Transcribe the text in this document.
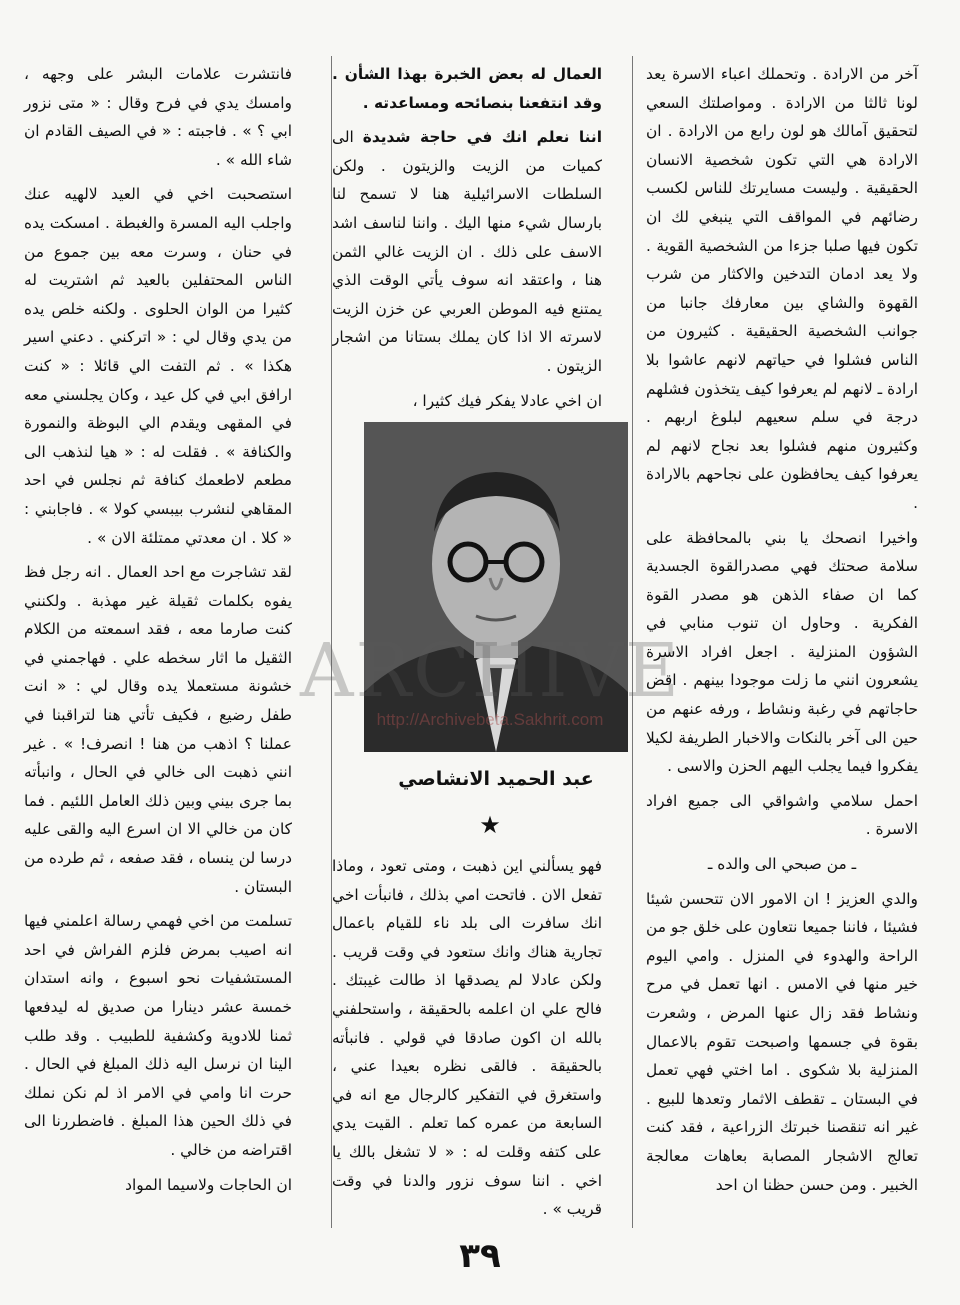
آخر من الارادة . وتحملك اعباء الاسرة يعد لونا ثالثا من الارادة . ومواصلتك السعي لتحقيق آمالك هو لون رابع من الارادة . ان الارادة هي التي تكون شخصية الانسان الحقيقية . وليست مسايرتك للناس لكسب رضائهم في المواقف التي ينبغي لك ان تكون فيها صلبا جزءا من الشخصية القوية . ولا يعد ادمان التدخين والاكثار من شرب القهوة والشاي بين معارفك جانبا من جوانب الشخصية الحقيقية . كثيرون من الناس فشلوا في حياتهم لانهم عاشوا بلا ارادة ـ لانهم لم يعرفوا كيف يتخذون فشلهم درجة في سلم سعيهم لبلوغ اربهم . وكثيرون منهم فشلوا بعد نجاح لانهم لم يعرفوا كيف يحافظون على نجاحهم بالارادة .

واخيرا انصحك يا بني بالمحافظة على سلامة صحتك فهي مصدرالقوة الجسدية كما ان صفاء الذهن هو مصدر القوة الفكرية . وحاول ان تنوب منابي في الشؤون المنزلية . اجعل افراد الاسرة يشعرون انني ما زلت موجودا بينهم . اقض حاجاتهم في رغبة ونشاط ، ورفه عنهم من حين الى آخر بالنكات والاخبار الطريفة لكيلا يفكروا فيما يجلب اليهم الحزن والاسى .

احمل سلامي واشواقي الى جميع افراد الاسرة .

ـ من صبحي الى والده ـ

والدي العزيز ! ان الامور الان تتحسن شيئا فشيئا ، فاننا جميعا نتعاون على خلق جو من الراحة والهدوء في المنزل . وامي اليوم خير منها في الامس . انها تعمل في مرح ونشاط فقد زال عنها المرض ، وشعرت بقوة في جسمها واصبحت تقوم بالاعمال المنزلية بلا شكوى . اما اختي فهي تعمل في البستان ـ تقطف الاثمار وتعدها للبيع . غير انه تنقصنا خبرتك الزراعية ، فقد كنت تعالج الاشجار المصابة بعاهات معالجة الخبير . ومن حسن حظنا ان احد

العمال له بعض الخبرة بهذا الشأن . وقد انتفعنا بنصائحه ومساعدته .

اننا نعلم انك في حاجة شديدة الى كميات من الزيت والزيتون . ولكن السلطات الاسرائيلية هنا لا تسمح لنا بارسال شيء منها اليك . واننا لناسف اشد الاسف على ذلك . ان الزيت غالي الثمن هنا ، واعتقد انه سوف يأتي الوقت الذي يمتنع فيه الموطن العربي عن خزن الزيت لاسرته الا اذا كان يملك بستانا من اشجار الزيتون .

ان اخي عادلا يفكر فيك كثيرا ،

عبد الحميد الانشاصي
★

فهو يسألني اين ذهبت ، ومتى تعود ، وماذا تفعل الان . فاتحت امي بذلك ، فانبأت اخي انك سافرت الى بلد ناء للقيام باعمال تجارية هناك وانك ستعود في وقت قريب . ولكن عادلا لم يصدقها اذ طالت غيبتك . فالح علي ان اعلمه بالحقيقة ، واستحلفني بالله ان اكون صادقا في قولي . فانبأته بالحقيقة . فالقى نظره بعيدا عني ، واستغرق في التفكير كالرجال مع انه في السابعة من عمره كما تعلم . القيت يدي على كتفه وقلت له : « لا تشغل بالك يا اخي . اننا سوف نزور والدنا في وقت قريب » .

فانتشرت علامات البشر على وجهه ، وامسك يدي في فرح وقال : « متى نزور ابي ؟ » . فاجبته : « في الصيف القادم ان شاء الله » .

استصحبت اخي في العيد لالهيه عنك واجلب اليه المسرة والغبطة . امسكت يده في حنان ، وسرت معه بين جموع من الناس المحتفلين بالعيد ثم اشتريت له كثيرا من الوان الحلوى . ولكنه خلص يده من يدي وقال لي : « اتركني . دعني اسير هكذا » . ثم التفت الي قائلا : « كنت ارافق ابي في كل عيد ، وكان يجلسني معه في المقهى ويقدم الي البوظة والنمورة والكنافة » . فقلت له : « هيا لنذهب الى مطعم لاطعمك كنافة ثم نجلس في احد المقاهي لنشرب بيبسي كولا » . فاجابني : « كلا . ان معدتي ممتلئة الان » .

لقد تشاجرت مع احد العمال . انه رجل فظ يفوه بكلمات ثقيلة غير مهذبة . ولكنني كنت صارما معه ، فقد اسمعته من الكلام الثقيل ما اثار سخطه علي . فهاجمني في خشونة مستعملا يده وقال لي : « انت طفل رضيع ، فكيف تأتي هنا لتراقبنا في عملنا ؟ اذهب من هنا ! انصرف! » . غير انني ذهبت الى خالي في الحال ، وانبأته بما جرى بيني وبين ذلك العامل اللئيم . فما كان من خالي الا ان اسرع اليه والقى عليه درسا لن ينساه ، فقد صفعه ، ثم طرده من البستان .

تسلمت من اخي فهمي رسالة اعلمني فيها انه اصيب بمرض فلزم الفراش في احد المستشفيات نحو اسبوع ، وانه استدان خمسة عشر دينارا من صديق له ليدفعها ثمنا للادوية وكشفية للطبيب . وقد طلب الينا ان نرسل اليه ذلك المبلغ في الحال . حرت انا وامي في الامر اذ لم نكن نملك في ذلك الحين هذا المبلغ . فاضطررنا الى اقتراضه من خالي .

ان الحاجات ولاسيما المواد

ARCHIVE
http://Archivebeta.Sakhrit.com
٣٩
